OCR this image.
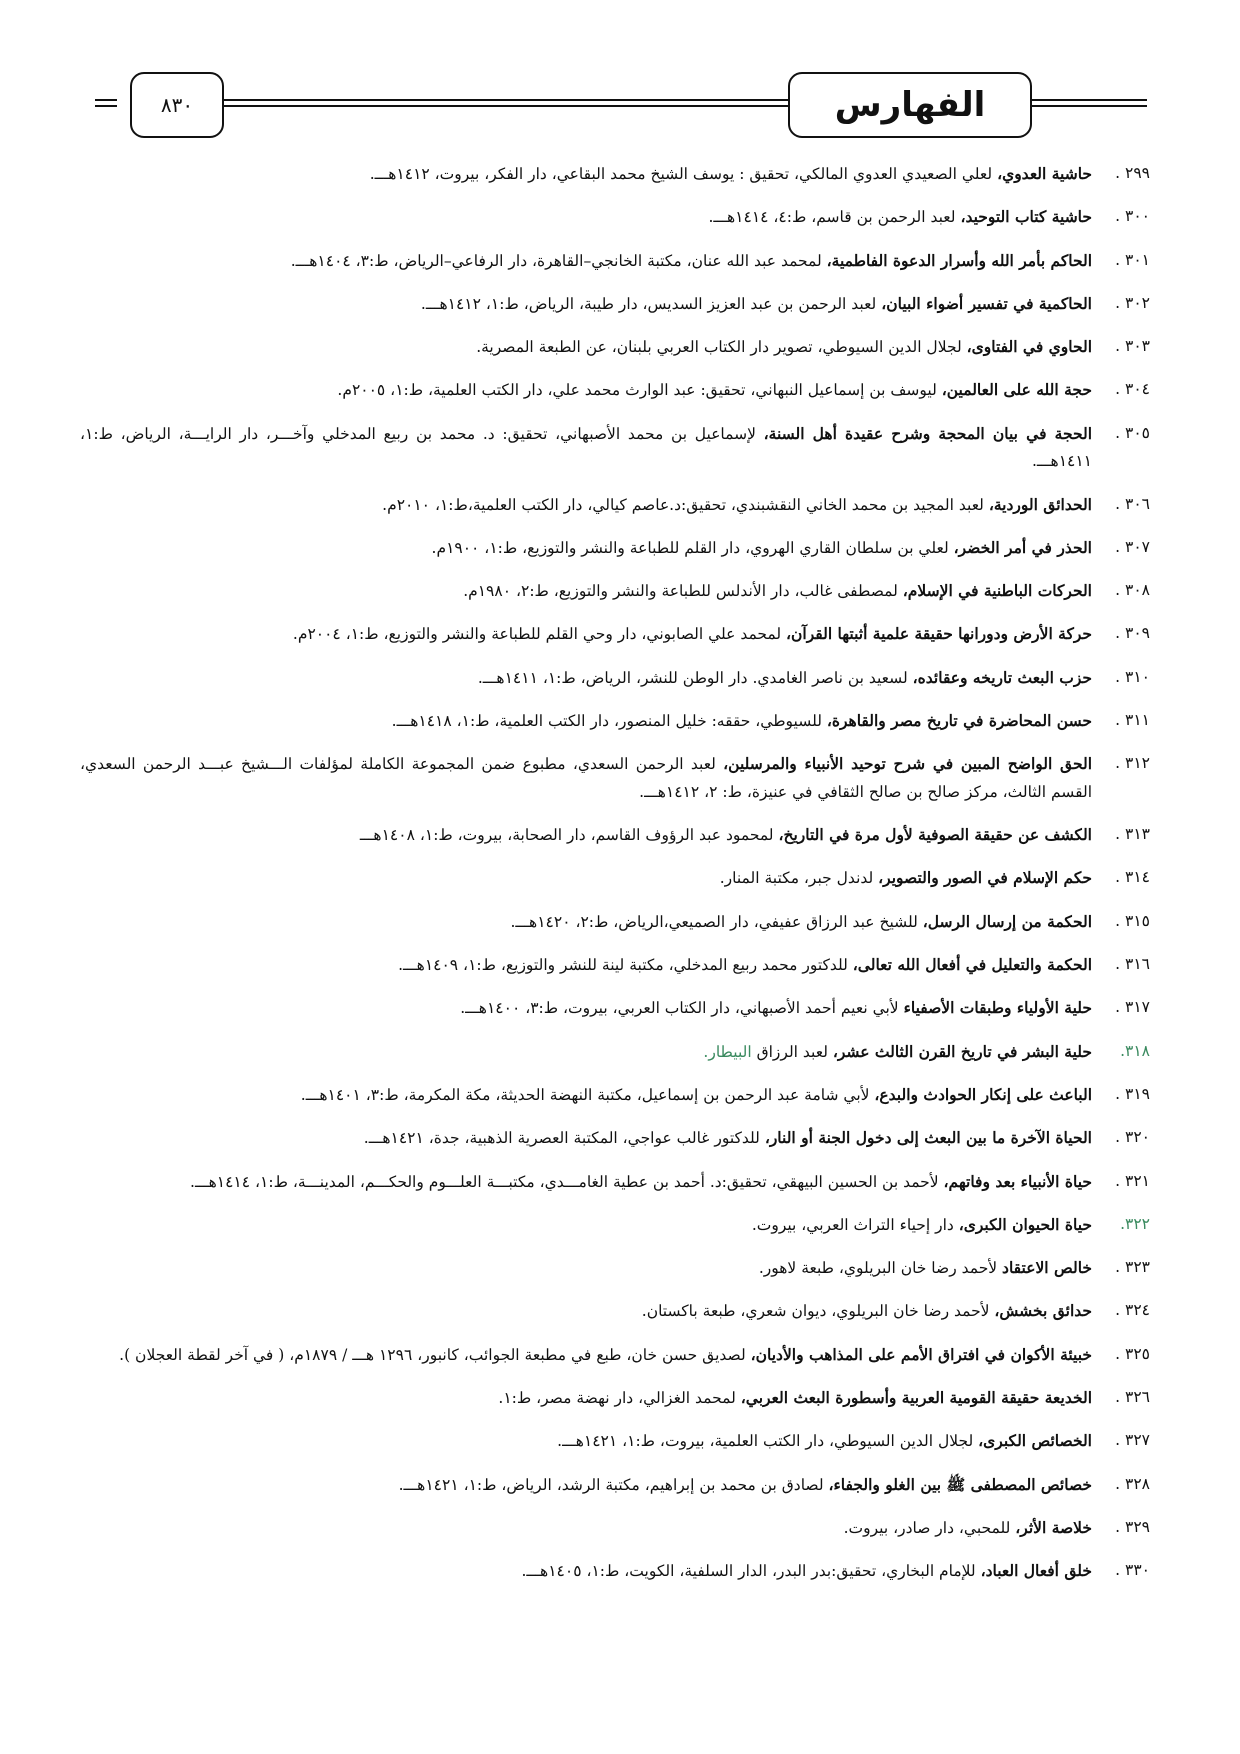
الفهارس
٨٣٠
٢٩٩ .
حاشية العدوي، لعلي الصعيدي العدوي المالكي، تحقيق : يوسف الشيخ محمد البقاعي، دار الفكر، بيروت، ١٤١٢هـــ.
٣٠٠ .
حاشية كتاب التوحيد، لعبد الرحمن بن قاسم، ط:٤، ١٤١٤هـــ.
٣٠١ .
الحاكم بأمر الله وأسرار الدعوة الفاطمية، لمحمد عبد الله عنان، مكتبة الخانجي–القاهرة، دار الرفاعي–الرياض، ط:٣، ١٤٠٤هـــ.
٣٠٢ .
الحاكمية في تفسير أضواء البيان، لعبد الرحمن بن عبد العزيز السديس، دار طيبة، الرياض، ط:١، ١٤١٢هـــ.
٣٠٣ .
الحاوي في الفتاوى، لجلال الدين السيوطي، تصوير دار الكتاب العربي بلبنان، عن الطبعة المصرية.
٣٠٤ .
حجة الله على العالمين، ليوسف بن إسماعيل النبهاني، تحقيق: عبد الوارث محمد علي، دار الكتب العلمية، ط:١، ٢٠٠٥م.
٣٠٥ .
الحجة في بيان المحجة وشرح عقيدة أهل السنة، لإسماعيل بن محمد الأصبهاني، تحقيق: د. محمد بن ربيع المدخلي وآخـــر، دار الرايـــة، الرياض، ط:١، ١٤١١هـــ.
٣٠٦ .
الحدائق الوردية، لعبد المجيد بن محمد الخاني النقشبندي، تحقيق:د.عاصم كيالي، دار الكتب العلمية،ط:١، ٢٠١٠م.
٣٠٧ .
الحذر في أمر الخضر، لعلي بن سلطان القاري الهروي، دار القلم للطباعة والنشر والتوزيع، ط:١، ١٩٠٠م.
٣٠٨ .
الحركات الباطنية في الإسلام، لمصطفى غالب، دار الأندلس للطباعة والنشر والتوزيع، ط:٢، ١٩٨٠م.
٣٠٩ .
حركة الأرض ودورانها حقيقة علمية أثبتها القرآن، لمحمد علي الصابوني، دار وحي القلم للطباعة والنشر والتوزيع، ط:١، ٢٠٠٤م.
٣١٠ .
حزب البعث تاريخه وعقائده، لسعيد بن ناصر الغامدي. دار الوطن للنشر، الرياض، ط:١، ١٤١١هـــ.
٣١١ .
حسن المحاضرة في تاريخ مصر والقاهرة، للسيوطي، حققه: خليل المنصور، دار الكتب العلمية، ط:١، ١٤١٨هـــ.
٣١٢ .
الحق الواضح المبين في شرح توحيد الأنبياء والمرسلين، لعبد الرحمن السعدي، مطبوع ضمن المجموعة الكاملة لمؤلفات الـــشيخ عبـــد الرحمن السعدي، القسم الثالث، مركز صالح بن صالح الثقافي في عنيزة، ط: ٢، ١٤١٢هـــ.
٣١٣ .
الكشف عن حقيقة الصوفية لأول مرة في التاريخ، لمحمود عبد الرؤوف القاسم، دار الصحابة، بيروت، ط:١، ١٤٠٨هـــ
٣١٤ .
حكم الإسلام في الصور والتصوير، لدندل جبر، مكتبة المنار.
٣١٥ .
الحكمة من إرسال الرسل، للشيخ عبد الرزاق عفيفي، دار الصميعي،الرياض، ط:٢، ١٤٢٠هـــ.
٣١٦ .
الحكمة والتعليل في أفعال الله تعالى، للدكتور محمد ربيع المدخلي، مكتبة لينة للنشر والتوزيع، ط:١، ١٤٠٩هـــ.
٣١٧ .
حلية الأولياء وطبقات الأصفياء لأبي نعيم أحمد الأصبهاني، دار الكتاب العربي، بيروت، ط:٣، ١٤٠٠هـــ.
٣١٨.
حلية البشر في تاريخ القرن الثالث عشر، لعبد الرزاق البيطار.
٣١٩ .
الباعث على إنكار الحوادث والبدع، لأبي شامة عبد الرحمن بن إسماعيل، مكتبة النهضة الحديثة، مكة المكرمة، ط:٣، ١٤٠١هـــ.
٣٢٠ .
الحياة الآخرة ما بين البعث إلى دخول الجنة أو النار، للدكتور غالب عواجي، المكتبة العصرية الذهبية، جدة، ١٤٢١هـــ.
٣٢١ .
حياة الأنبياء بعد وفاتهم، لأحمد بن الحسين البيهقي، تحقيق:د. أحمد بن عطية الغامـــدي، مكتبـــة العلـــوم والحكـــم، المدينـــة، ط:١، ١٤١٤هـــ.
٣٢٢.
حياة الحيوان الكبرى، دار إحياء التراث العربي، بيروت.
٣٢٣ .
خالص الاعتقاد لأحمد رضا خان البريلوي، طبعة لاهور.
٣٢٤ .
حدائق بخشش، لأحمد رضا خان البريلوي، ديوان شعري، طبعة باكستان.
٣٢٥ .
خبيئة الأكوان في افتراق الأمم على المذاهب والأديان، لصديق حسن خان، طبع في مطبعة الجوائب، كانبور، ١٢٩٦ هـــ / ١٨٧٩م، ( في آخر لقطة العجلان ).
٣٢٦ .
الخديعة حقيقة القومية العربية وأسطورة البعث العربي، لمحمد الغزالي، دار نهضة مصر، ط:١.
٣٢٧ .
الخصائص الكبرى، لجلال الدين السيوطي، دار الكتب العلمية، بيروت، ط:١، ١٤٢١هـــ.
٣٢٨ .
خصائص المصطفى ﷺ بين الغلو والجفاء، لصادق بن محمد بن إبراهيم، مكتبة الرشد، الرياض، ط:١، ١٤٢١هـــ.
٣٢٩ .
خلاصة الأثر، للمحبي، دار صادر، بيروت.
٣٣٠ .
خلق أفعال العباد، للإمام البخاري، تحقيق:بدر البدر، الدار السلفية، الكويت، ط:١، ١٤٠٥هـــ.
